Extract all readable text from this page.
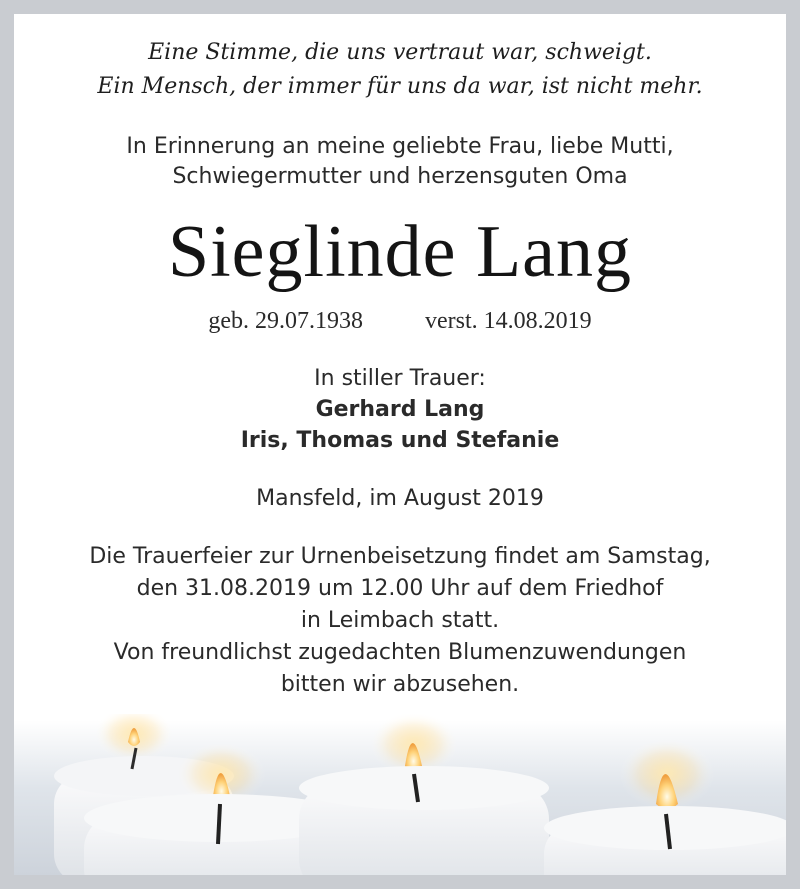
Eine Stimme, die uns vertraut war, schweigt.
Ein Mensch, der immer für uns da war, ist nicht mehr.
In Erinnerung an meine geliebte Frau, liebe Mutti,
Schwiegermutter und herzensguten Oma
Sieglinde Lang
geb. 29.07.1938	verst. 14.08.2019
In stiller Trauer:
Gerhard Lang
Iris, Thomas und Stefanie
Mansfeld, im August 2019
Die Trauerfeier zur Urnenbeisetzung findet am Samstag,
den 31.08.2019 um 12.00 Uhr auf dem Friedhof
in Leimbach statt.
Von freundlichst zugedachten Blumenzuwendungen
bitten wir abzusehen.
